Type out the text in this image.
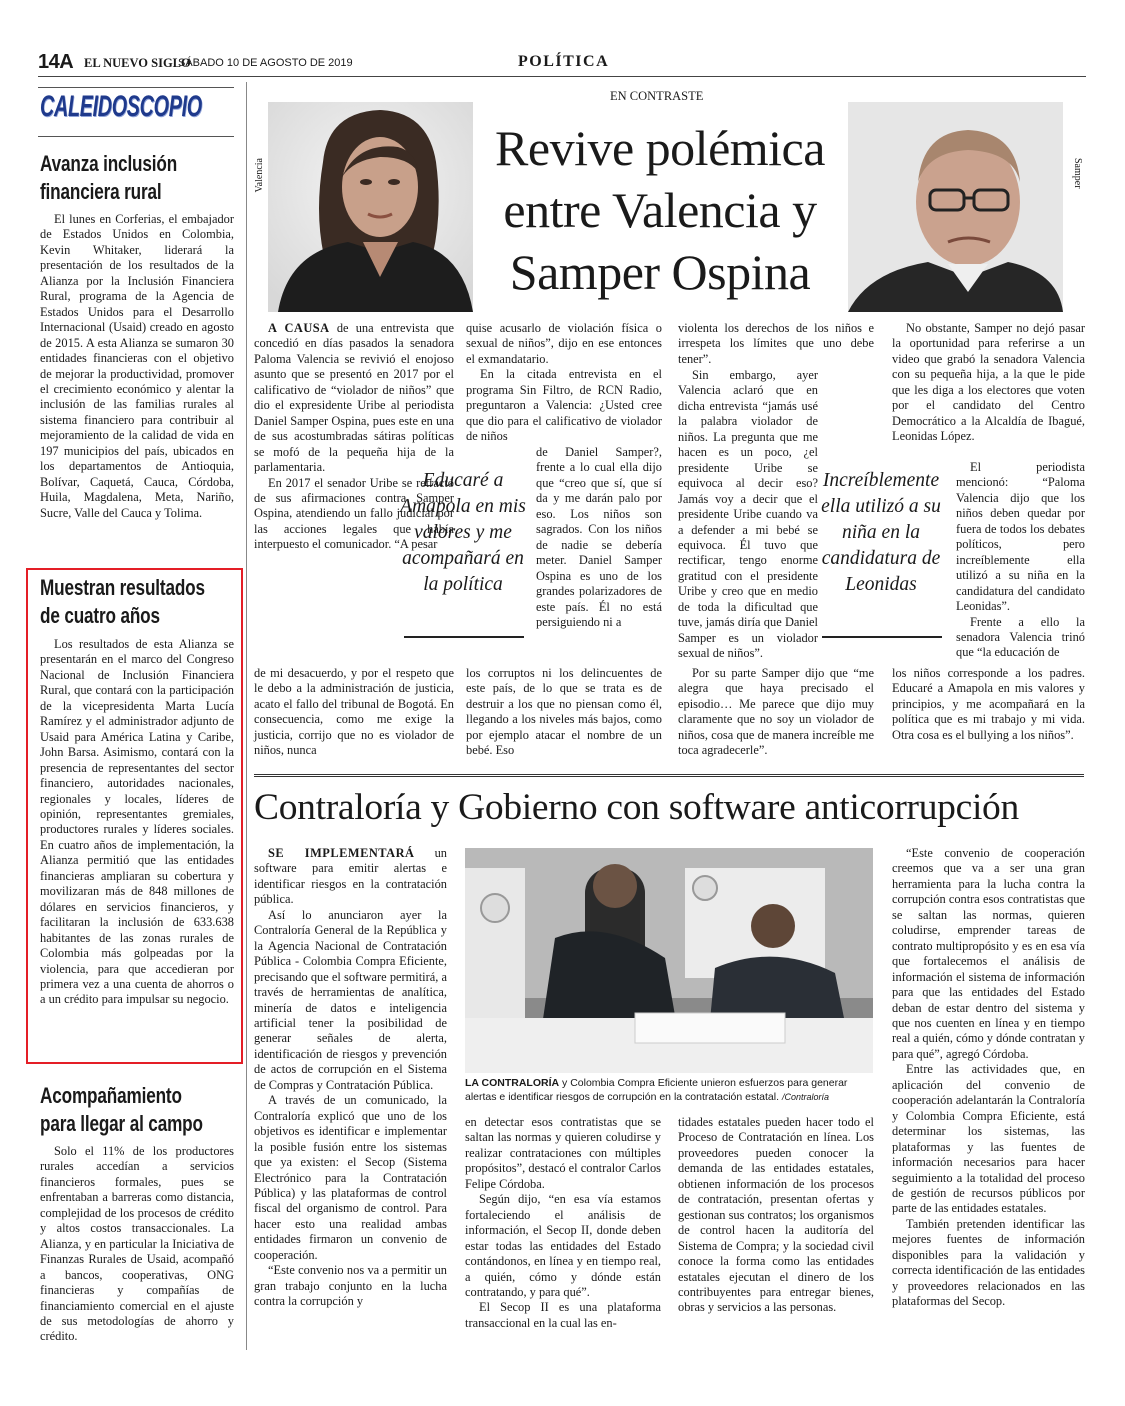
14A EL NUEVO SIGLO
SÁBADO 10 DE AGOSTO DE 2019	POLÍTICA
CALEIDOSCOPIO
Avanza inclusión
financiera rural

El lunes en Corferias, el embajador de Estados Unidos en Colombia, Kevin Whitaker, liderará la presentación de los resultados de la Alianza por la Inclusión Financiera Rural, programa de la Agencia de Estados Unidos para el Desarrollo Internacional (Usaid) creado en agosto de 2015. A esta Alianza se sumaron 30 entidades financieras con el objetivo de mejorar la productividad, promover el crecimiento económico y alentar la inclusión de las familias rurales al sistema financiero para contribuir al mejoramiento de la calidad de vida en 197 municipios del país, ubicados en los departamentos de Antioquia, Bolívar, Caquetá, Cauca, Córdoba, Huila, Magdalena, Meta, Nariño, Sucre, Valle del Cauca y Tolima.

Muestran resultados
de cuatro años

Los resultados de esta Alianza se presentarán en el marco del Congreso Nacional de Inclusión Financiera Rural, que contará con la participación de la vicepresidenta Marta Lucía Ramírez y el administrador adjunto de Usaid para América Latina y Caribe, John Barsa. Asimismo, contará con la presencia de representantes del sector financiero, autoridades nacionales, regionales y locales, líderes de opinión, representantes gremiales, productores rurales y líderes sociales. En cuatro años de implementación, la Alianza permitió que las entidades financieras ampliaran su cobertura y movilizaran más de 848 millones de dólares en servicios financieros, y facilitaran la inclusión de 633.638 habitantes de las zonas rurales de Colombia más golpeadas por la violencia, para que accedieran por primera vez a una cuenta de ahorros o a un crédito para impulsar su negocio.

Acompañamiento
para llegar al campo

Solo el 11% de los productores rurales accedían a servicios financieros formales, pues se enfrentaban a barreras como distancia, complejidad de los procesos de crédito y altos costos transaccionales. La Alianza, y en particular la Iniciativa de Finanzas Rurales de Usaid, acompañó a bancos, cooperativas, ONG financieras y compañías de financiamiento comercial en el ajuste de sus metodologías de ahorro y crédito.

EN CONTRASTE
Valencia	Revive polémica
entre Valencia y
Samper Ospina
Samper

A CAUSA de una entrevista que concedió en días pasados la senadora Paloma Valencia se revivió el enojoso asunto que se presentó en 2017 por el calificativo de “violador de niños” que dio el expresidente Uribe al periodista Daniel Samper Ospina, pues este en una de sus acostumbradas sátiras políticas se mofó de la pequeña hija de la parlamentaria.

En 2017 el senador Uribe se retractó de sus afirmaciones contra Samper Ospina, atendiendo un fallo judicial por las acciones legales que había interpuesto el comunicador. “A pesar

de mi desacuerdo, y por el respeto que le debo a la administración de justicia, acato el fallo del tribunal de Bogotá. En consecuencia, como me exige la justicia, corrijo que no es violador de niños, nunca

quise acusarlo de violación física o sexual de niños”, dijo en ese entonces el exmandatario.

En la citada entrevista en el programa Sin Filtro, de RCN Radio, preguntaron a Valencia: ¿Usted cree que dio para el calificativo de violador de niños

de Daniel Samper?, frente a lo cual ella dijo que “creo que sí, que sí da y me darán palo por eso. Los niños son sagrados. Con los niños de nadie se debería meter. Daniel Samper Ospina es uno de los grandes polarizadores de este país. Él no está persiguiendo ni a

los corruptos ni los delincuentes de este país, de lo que se trata es de destruir a los que no piensan como él, llegando a los niveles más bajos, como por ejemplo atacar el nombre de un bebé. Eso

Educaré a Amapola en mis valores y me acompañará en la política

violenta los derechos de los niños e irrespeta los límites que uno debe tener”.

Sin embargo, ayer Valencia aclaró que en dicha entrevista “jamás usé la palabra violador de niños. La pregunta que me hacen es un poco, ¿el presidente Uribe se equivoca al decir eso? Jamás voy a decir que el presidente Uribe cuando va a defender a mi bebé se equivoca. Él tuvo que rectificar, tengo enorme gratitud con el presidente Uribe y creo que en medio de toda la dificultad que tuve, jamás diría que Daniel Samper es un violador sexual de niños”.

Por su parte Samper dijo que “me alegra que haya precisado el episodio… Me parece que dijo muy claramente que no soy un violador de niños, cosa que de manera increíble me toca agradecerle”.

Increíblemente ella utilizó a su niña en la candidatura de Leonidas

No obstante, Samper no dejó pasar la oportunidad para referirse a un video que grabó la senadora Valencia con su pequeña hija, a la que le pide que les diga a los electores que voten por el candidato del Centro Democrático a la Alcaldía de Ibagué, Leonidas López.

El periodista mencionó: “Paloma Valencia dijo que los niños deben quedar por fuera de todos los debates políticos, pero increíblemente ella utilizó a su niña en la candidatura del candidato Leonidas”.

Frente a ello la senadora Valencia trinó que “la educación de

los niños corresponde a los padres. Educaré a Amapola en mis valores y principios, y me acompañará en la política que es mi trabajo y mi vida. Otra cosa es el bullying a los niños”.

Contraloría y Gobierno con software anticorrupción

SE IMPLEMENTARÁ un software para emitir alertas e identificar riesgos en la contratación pública.

Así lo anunciaron ayer la Contraloría General de la República y la Agencia Nacional de Contratación Pública - Colombia Compra Eficiente, precisando que el software permitirá, a través de herramientas de analítica, minería de datos e inteligencia artificial tener la posibilidad de generar señales de alerta, identificación de riesgos y prevención de actos de corrupción en el Sistema de Compras y Contratación Pública.

A través de un comunicado, la Contraloría explicó que uno de los objetivos es identificar e implementar la posible fusión entre los sistemas que ya existen: el Secop (Sistema Electrónico para la Contratación Pública) y las plataformas de control fiscal del organismo de control. Para hacer esto una realidad ambas entidades firmaron un convenio de cooperación.

“Este convenio nos va a permitir un gran trabajo conjunto en la lucha contra la corrupción y

LA CONTRALORÍA y Colombia Compra Eficiente unieron esfuerzos para generar alertas e identificar riesgos de corrupción en la contratación estatal. /Contraloría

en detectar esos contratistas que se saltan las normas y quieren coludirse y realizar contrataciones con múltiples propósitos”, destacó el contralor Carlos Felipe Córdoba.

Según dijo, “en esa vía estamos fortaleciendo el análisis de información, el Secop II, donde deben estar todas las entidades del Estado contándonos, en línea y en tiempo real, a quién, cómo y dónde están contratando, y para qué”.

El Secop II es una plataforma transaccional en la cual las en-

tidades estatales pueden hacer todo el Proceso de Contratación en línea. Los proveedores pueden conocer la demanda de las entidades estatales, obtienen información de los procesos de contratación, presentan ofertas y gestionan sus contratos; los organismos de control hacen la auditoría del Sistema de Compra; y la sociedad civil conoce la forma como las entidades estatales ejecutan el dinero de los contribuyentes para entregar bienes, obras y servicios a las personas.

“Este convenio de cooperación creemos que va a ser una gran herramienta para la lucha contra la corrupción contra esos contratistas que se saltan las normas, quieren coludirse, emprender tareas de contrato multipropósito y es en esa vía que fortalecemos el análisis de información el sistema de información para que las entidades del Estado deban de estar dentro del sistema y que nos cuenten en línea y en tiempo real a quién, cómo y dónde contratan y para qué”, agregó Córdoba.

Entre las actividades que, en aplicación del convenio de cooperación adelantarán la Contraloría y Colombia Compra Eficiente, está determinar los sistemas, las plataformas y las fuentes de información necesarios para hacer seguimiento a la totalidad del proceso de gestión de recursos públicos por parte de las entidades estatales.

También pretenden identificar las mejores fuentes de información disponibles para la validación y correcta identificación de las entidades y proveedores relacionados en las plataformas del Secop.
